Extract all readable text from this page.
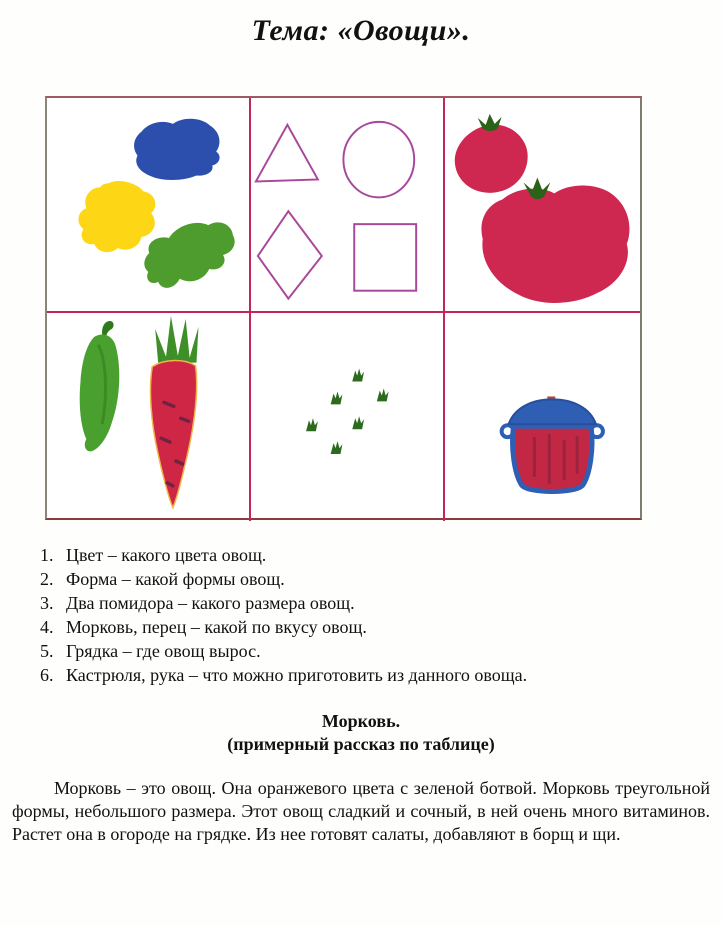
Тема: «Овощи».
1. Цвет – какого цвета овощ.
2. Форма – какой формы овощ.
3. Два помидора – какого размера овощ.
4. Морковь, перец – какой по вкусу овощ.
5. Грядка – где овощ вырос.
6. Кастрюля, рука – что можно приготовить из данного овоща.
Морковь.
(примерный рассказ по таблице)

Морковь – это овощ. Она оранжевого цвета с зеленой ботвой. Морковь треугольной формы, небольшого размера. Этот овощ сладкий и сочный, в ней очень много витаминов. Растет она в огороде на грядке. Из нее готовят салаты, добавляют в борщ и щи.
